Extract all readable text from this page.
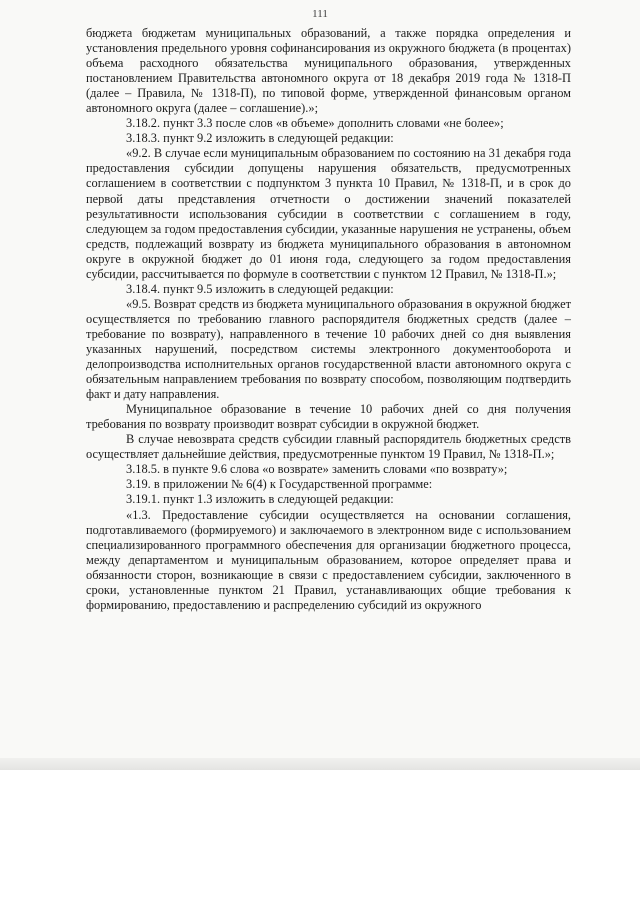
111

бюджета бюджетам муниципальных образований, а также порядка определения и установления предельного уровня софинансирования из окружного бюджета (в процентах) объема расходного обязательства муниципального образования, утвержденных постановлением Правительства автономного округа от 18 декабря 2019 года № 1318-П (далее – Правила, № 1318-П), по типовой форме, утвержденной финансовым органом автономного округа (далее – соглашение).»;

3.18.2. пункт 3.3 после слов «в объеме» дополнить словами «не более»;

3.18.3. пункт 9.2 изложить в следующей редакции:

«9.2. В случае если муниципальным образованием по состоянию на 31 декабря года предоставления субсидии допущены нарушения обязательств, предусмотренных соглашением в соответствии с подпунктом 3 пункта 10 Правил, № 1318-П, и в срок до первой даты представления отчетности о достижении значений показателей результативности использования субсидии в соответствии с соглашением в году, следующем за годом предоставления субсидии, указанные нарушения не устранены, объем средств, подлежащий возврату из бюджета муниципального образования в автономном округе в окружной бюджет до 01 июня года, следующего за годом предоставления субсидии, рассчитывается по формуле в соответствии с пунктом 12 Правил, № 1318-П.»;

3.18.4. пункт 9.5 изложить в следующей редакции:

«9.5. Возврат средств из бюджета муниципального образования в окружной бюджет осуществляется по требованию главного распорядителя бюджетных средств (далее – требование по возврату), направленного в течение 10 рабочих дней со дня выявления указанных нарушений, посредством системы электронного документооборота и делопроизводства исполнительных органов государственной власти автономного округа с обязательным направлением требования по возврату способом, позволяющим подтвердить факт и дату направления.

Муниципальное образование в течение 10 рабочих дней со дня получения требования по возврату производит возврат субсидии в окружной бюджет.

В случае невозврата средств субсидии главный распорядитель бюджетных средств осуществляет дальнейшие действия, предусмотренные пунктом 19 Правил, № 1318-П.»;

3.18.5. в пункте 9.6 слова «о возврате» заменить словами «по возврату»;

3.19. в приложении № 6(4) к Государственной программе:

3.19.1. пункт 1.3 изложить в следующей редакции:

«1.3. Предоставление субсидии осуществляется на основании соглашения, подготавливаемого (формируемого) и заключаемого в электронном виде с использованием специализированного программного обеспечения для организации бюджетного процесса, между департаментом и муниципальным образованием, которое определяет права и обязанности сторон, возникающие в связи с предоставлением субсидии, заключенного в сроки, установленные пунктом 21 Правил, устанавливающих общие требования к формированию, предоставлению и распределению субсидий из окружного
